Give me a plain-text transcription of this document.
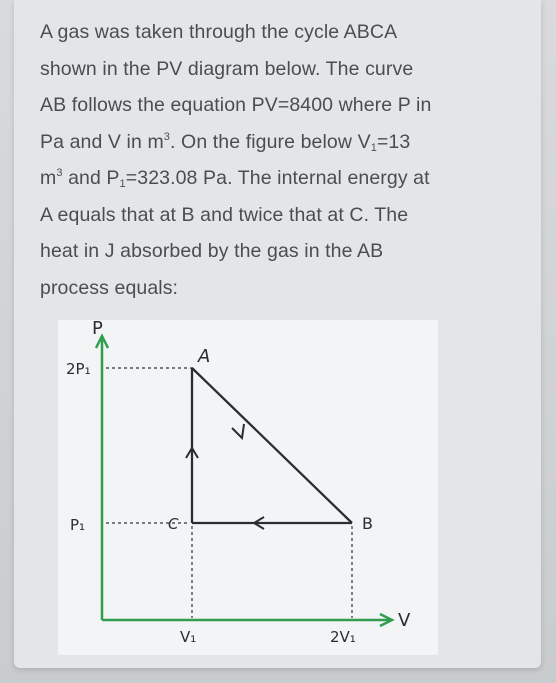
A gas was taken through the cycle ABCA
shown in the PV diagram below. The curve
AB follows the equation PV=8400 where P in
Pa and V in $m^3$. On the figure below $V_1=13$
$m^3$ and $P_1=323.08$ Pa. The internal energy at
A equals that at B and twice that at C. The
heat in J absorbed by the gas in the AB
process equals:

P
V
2P₁
P₁
V₁	2V₁
A
B
C
